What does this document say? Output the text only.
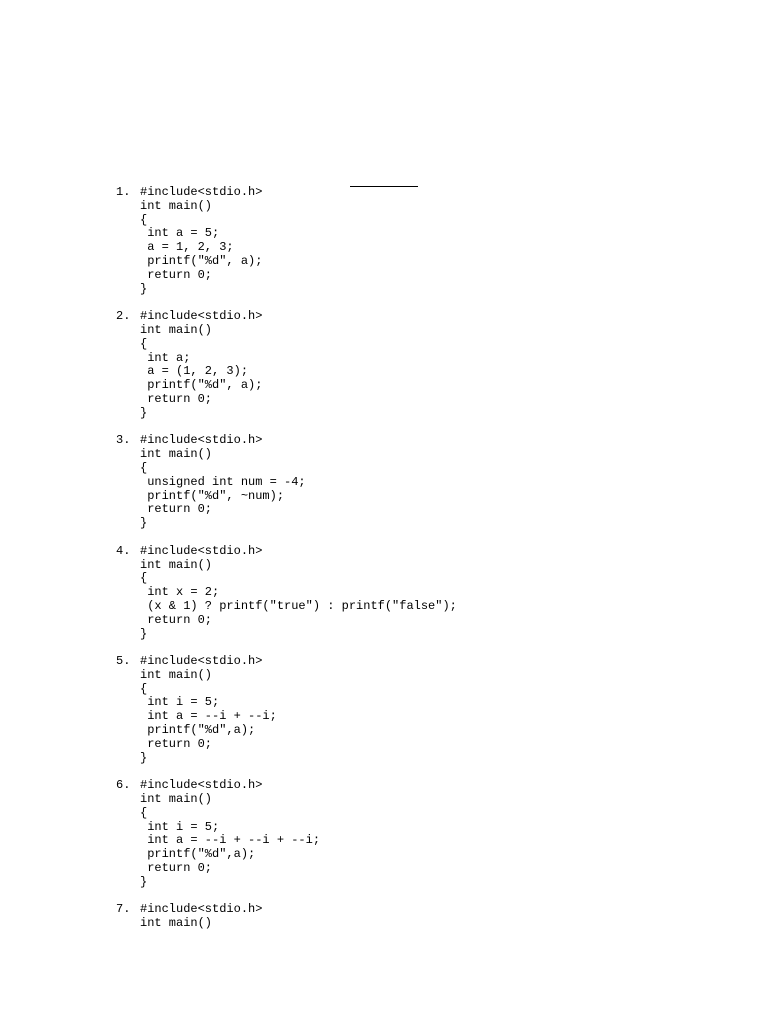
1. #include<stdio.h>
int main()
{
int a = 5;
a = 1, 2, 3;
printf("%d", a);
return 0;
}
2. #include<stdio.h>
int main()
{
int a;
a = (1, 2, 3);
printf("%d", a);
return 0;
}
3. #include<stdio.h>
int main()
{
unsigned int num = -4;
printf("%d", ~num);
return 0;
}
4. #include<stdio.h>
int main()
{
int x = 2;
(x & 1) ? printf("true") : printf("false");
return 0;
}
5. #include<stdio.h>
int main()
{
int i = 5;
int a = --i + --i;
printf("%d",a);
return 0;
}
6. #include<stdio.h>
int main()
{
int i = 5;
int a = --i + --i + --i;
printf("%d",a);
return 0;
}
7. #include<stdio.h>
int main()
